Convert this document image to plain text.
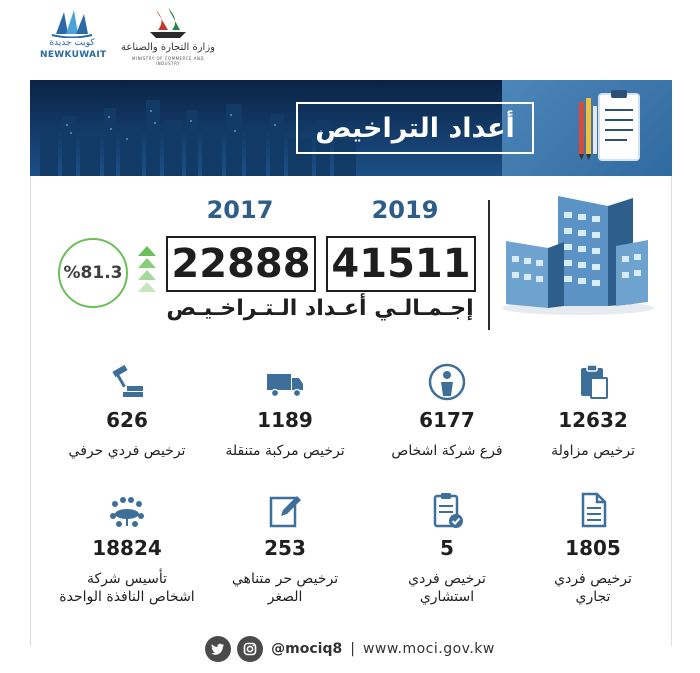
كويت جديدة
NEWKUWAIT
وزارة التجارة والصناعة
MINISTRY OF COMMERCE AND INDUSTRY
أعداد التراخيص
2017	2019
22888 41511
إجـمـالـي أعـداد الـتـراخـيـص
%81.3
12632
ترخيص مزاولة
6177
فرع شركة اشخاص
1189
ترخيص مركبة متنقلة
626
ترخيص فردي حرفي
1805
ترخيص فردي
تجاري
5
ترخيص فردي
استشاري
253
ترخيص حر متناهي
الصغر
18824
تأسيس شركة
اشخاص النافذة الواحدة
@mociq8 | www.moci.gov.kw
